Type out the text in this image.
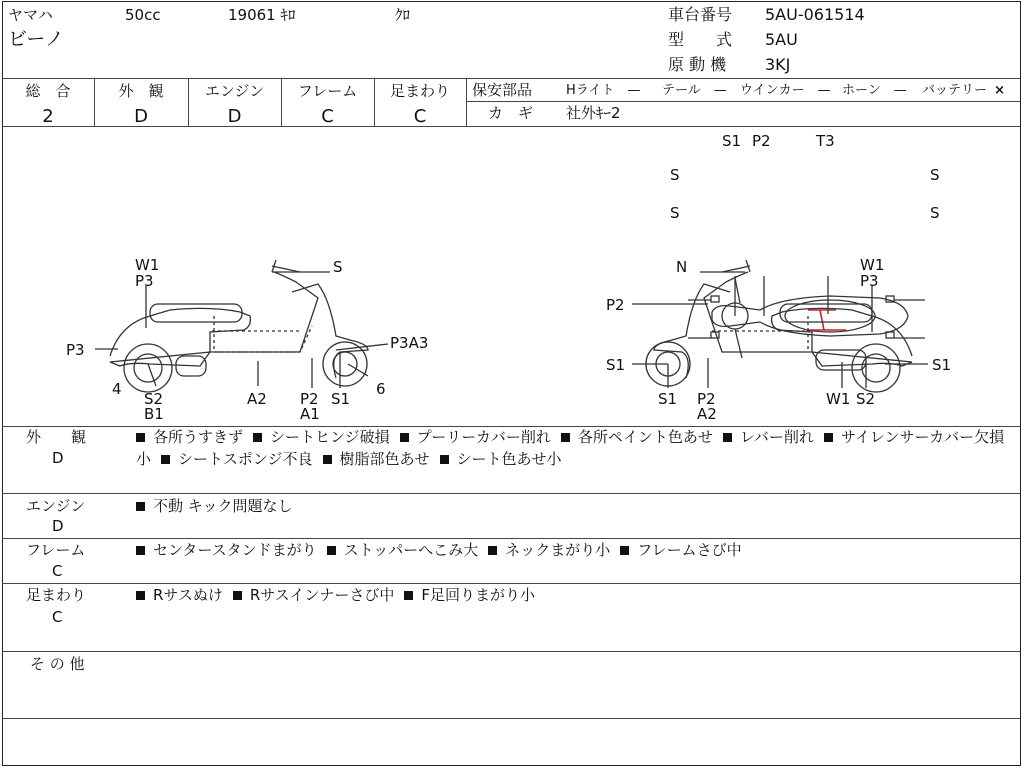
ヤマハ	50cc	19061 ｷﾛ	ｸﾛ
ビーノ
車台番号 5AU-061514
型　　式 5AU
原 動 機 3KJ
総　合
2
外　観
D
エンジン
D
フレーム
C
足まわり
C
保安部品	Hライト　— テール　— ウインカー　— ホーン　— バッテリー ×
カ　ギ 社外ｷｰ2
S1 P2	T3
S
S
S
S
W1
P3
S
P3	P3A3
4	6
S2
B1
A2 P2
A1
S1
N	W1
P3
P2
S1	S1
S1 P2
A2
W1 S2
外　　観
D
各所うすきず シートヒンジ破損 プーリーカバー削れ 各所ペイント色あせ レバー削れ サイレンサーカバー欠損小 シートスポンジ不良 樹脂部色あせ シート色あせ小
エンジン
D
不動 キック問題なし
フレーム
C
センタースタンドまがり ストッパーへこみ大 ネックまがり小 フレームさび中
足まわり
C
Rサスぬけ Rサスインナーさび中 F足回りまがり小
そ の 他
